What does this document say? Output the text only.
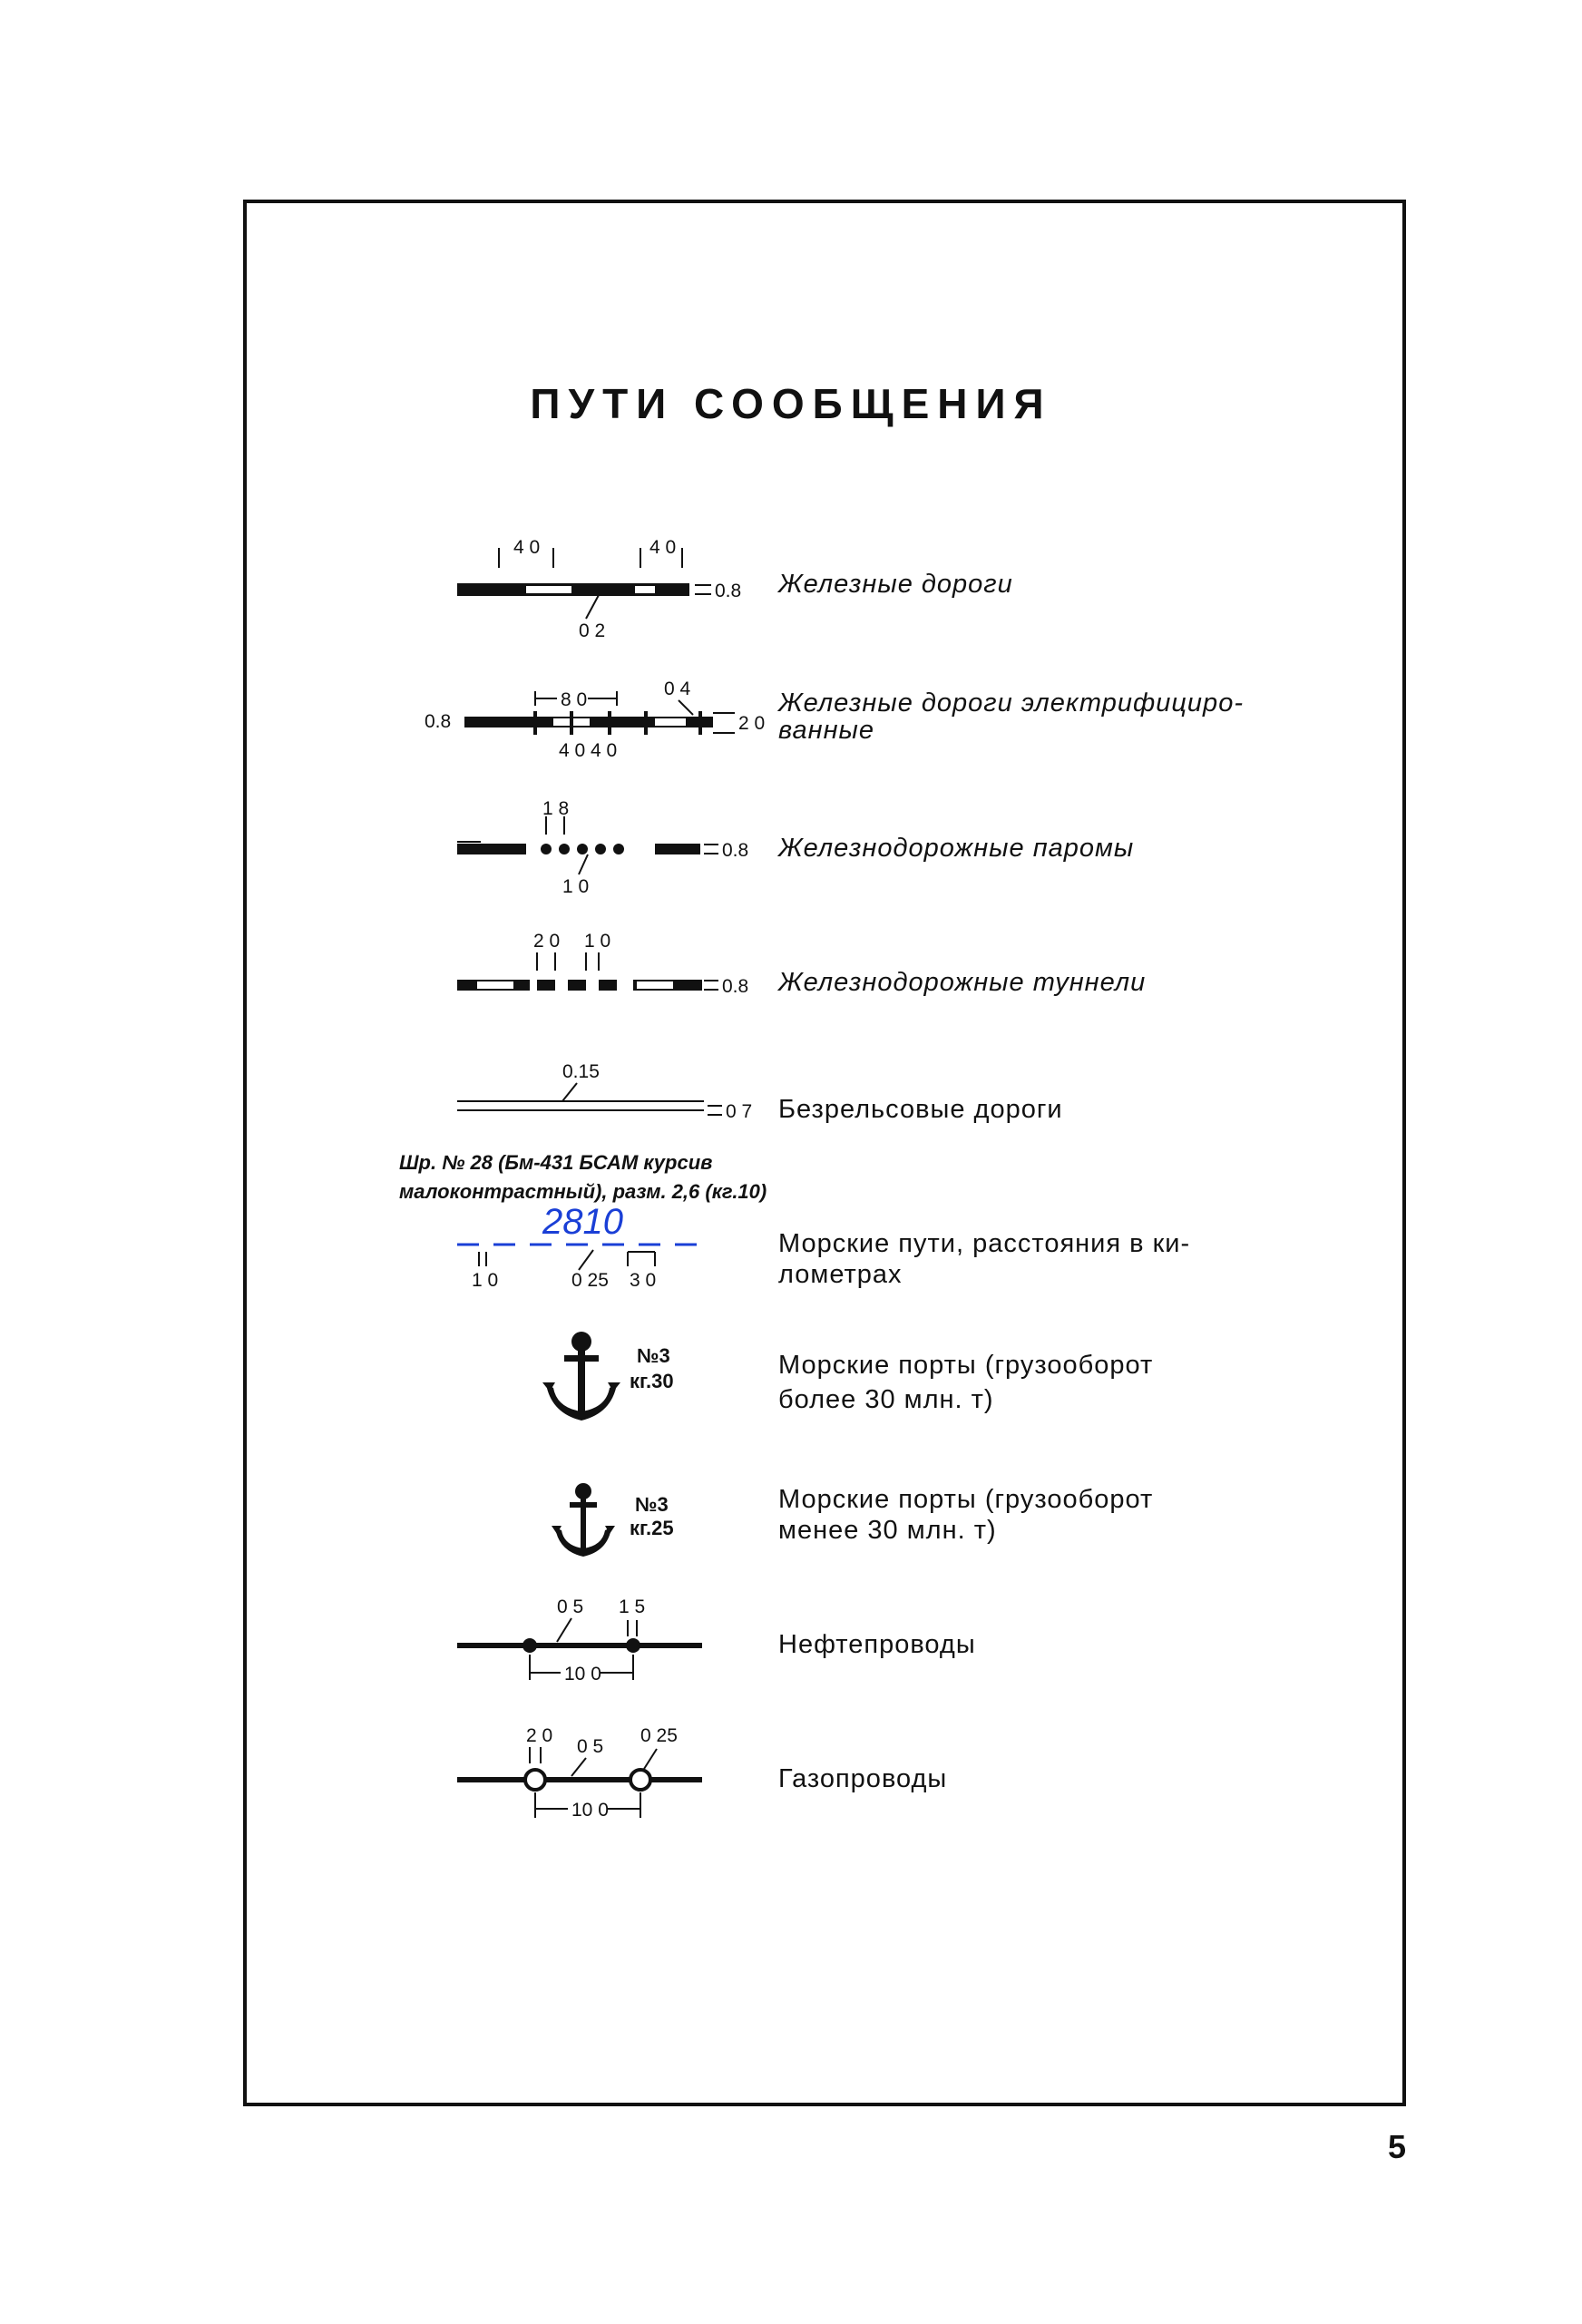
ПУТИ СООБЩЕНИЯ
4 0	4 0
0 2
0.8 Железные дороги
0.8
8 0
0 4
2 0
4 0 4 0
Железные дороги электрифициро-
ванные
1 8
1 0
0.8 Железнодорожные паромы
2 0 1 0
0.8 Железнодорожные туннели
0.15
0 7 Безрельсовые дороги
Шр. № 28 (Бм-431 БСАМ курсив
малоконтрастный), разм. 2,6 (кг.10)
2810
1 0	0 25 3 0
Морские пути, расстояния в ки-
лометрах
№3
кг.30
Морские порты (грузооборот
более 30 млн. т)
№3
кг.25
Морские порты (грузооборот
менее 30 млн. т)
0 5 1 5
10 0
Нефтепроводы
2 0
0 5
0 25
10 0
Газопроводы
5
